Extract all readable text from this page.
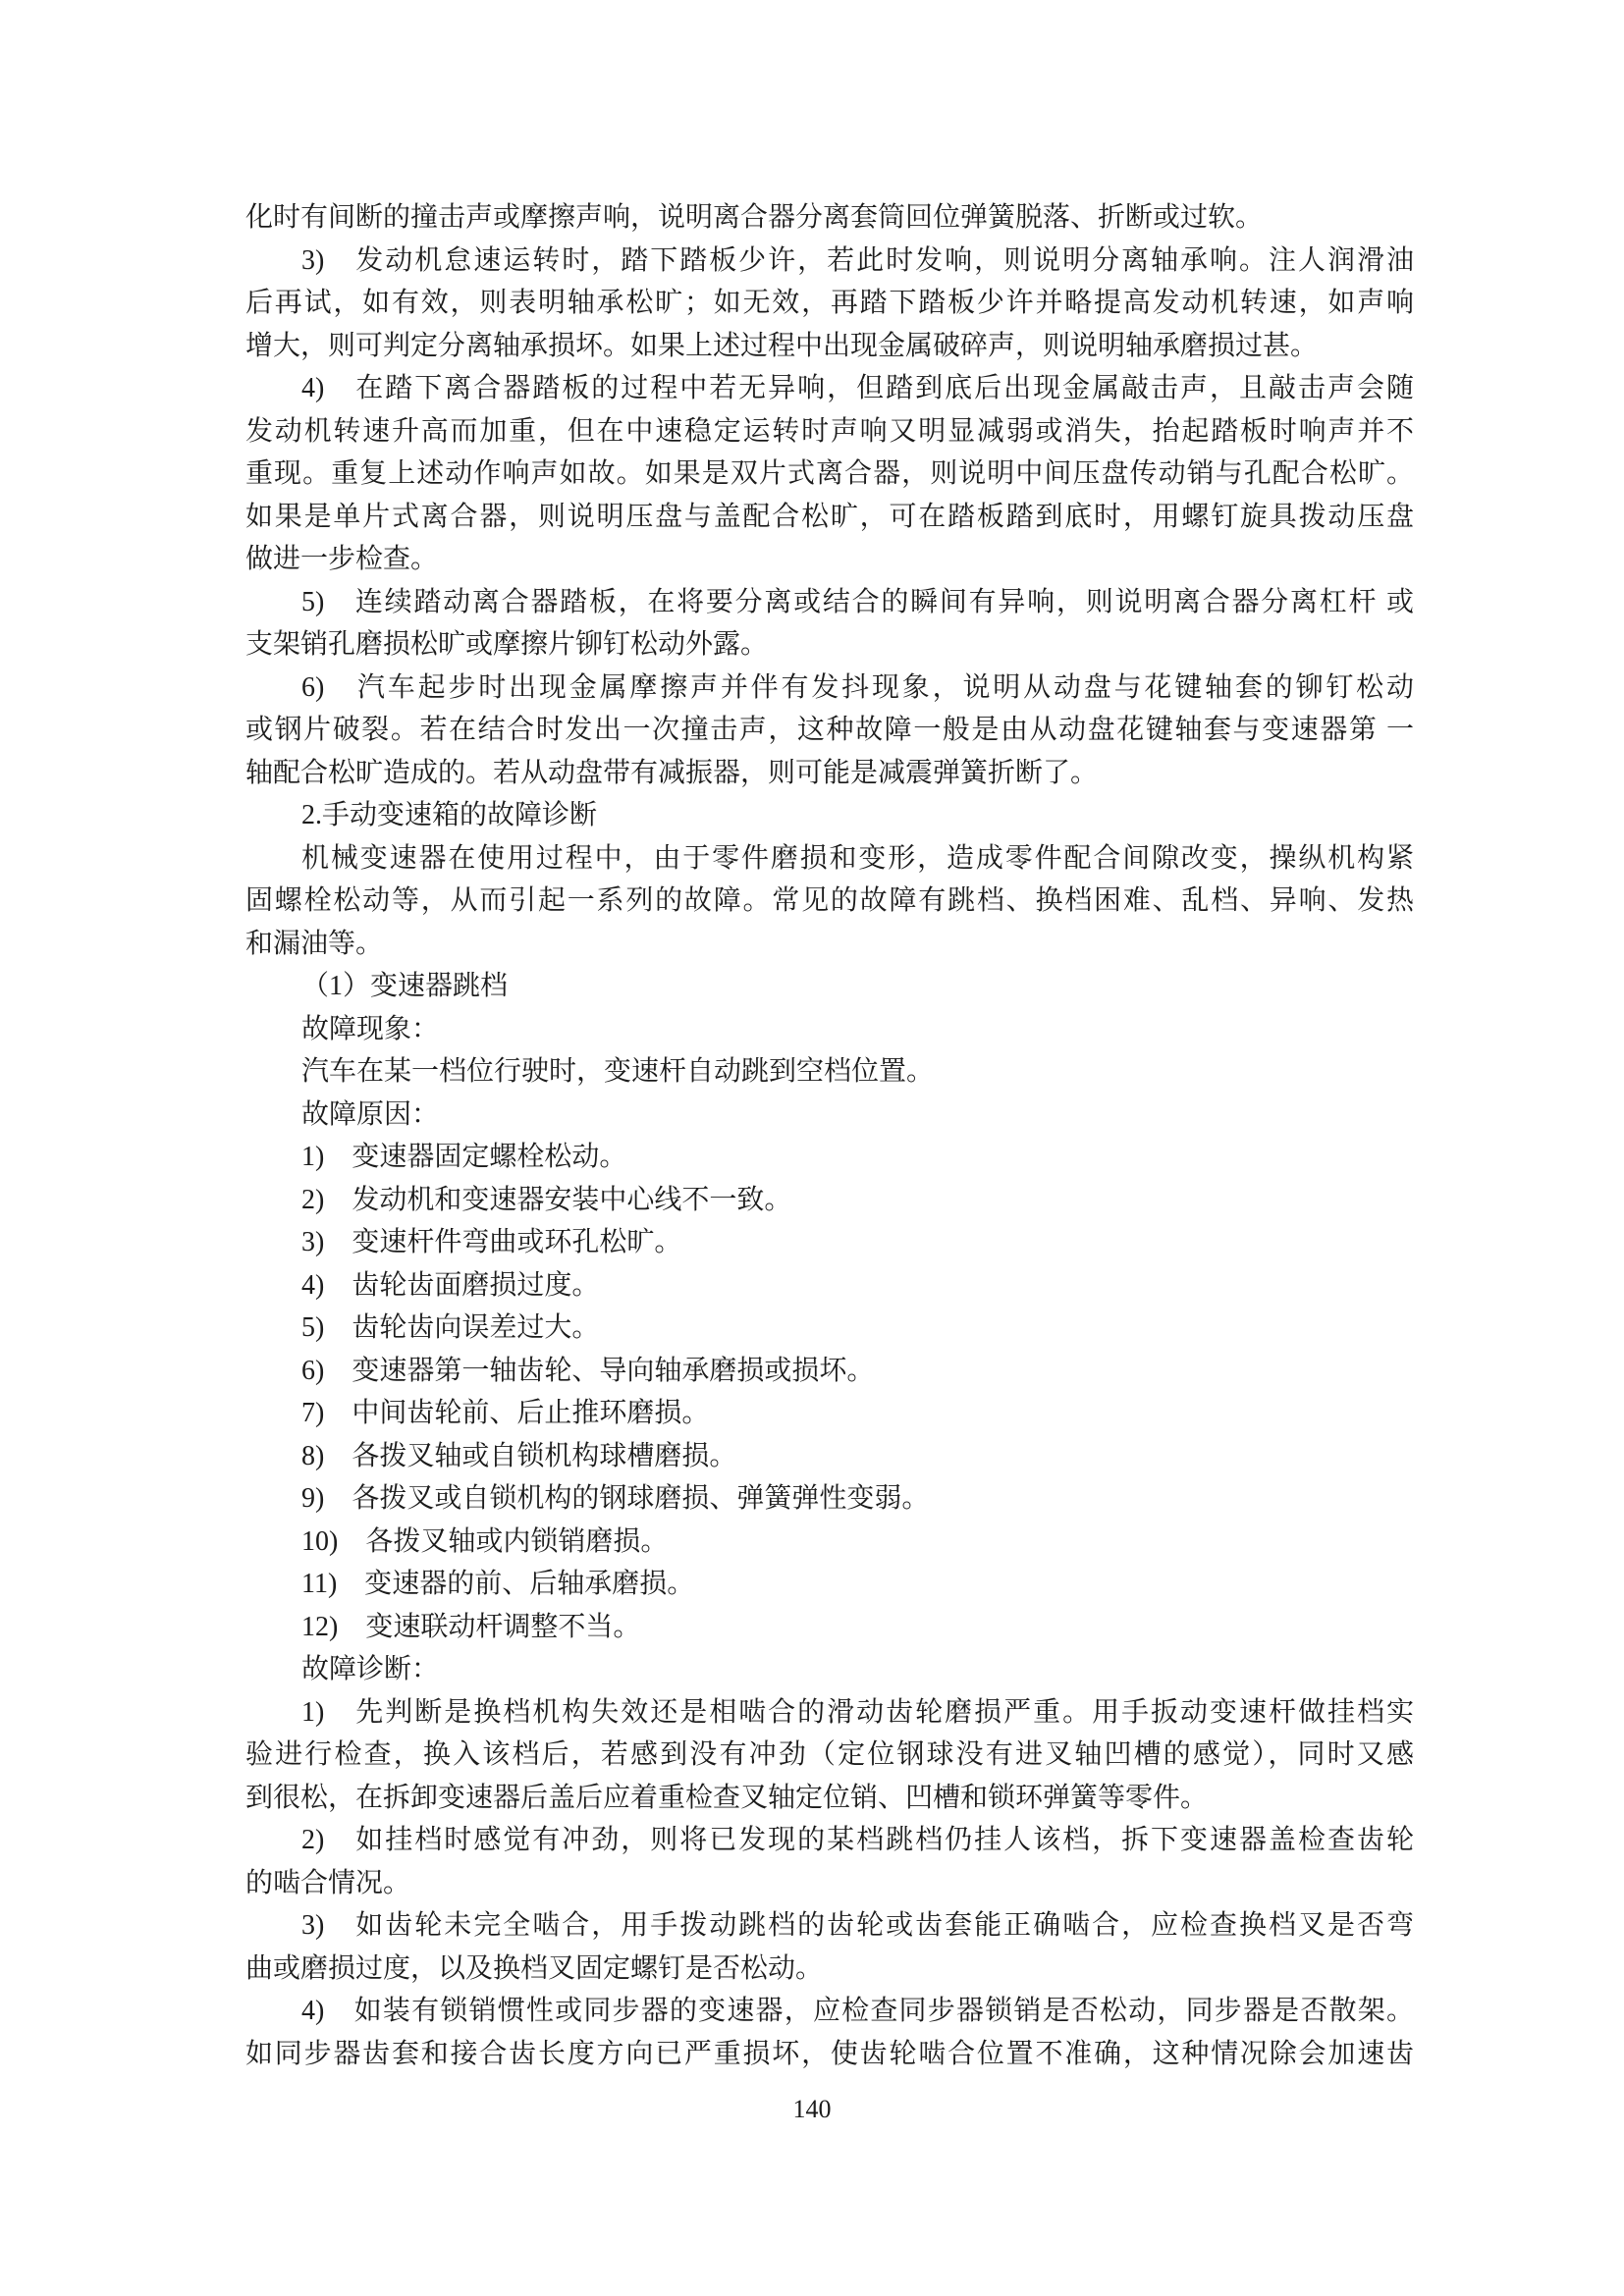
化时有间断的撞击声或摩擦声响，说明离合器分离套筒回位弹簧脱落、折断或过软。
3)　发动机怠速运转时，踏下踏板少许，若此时发响，则说明分离轴承响。注人润滑油
后再试，如有效，则表明轴承松旷；如无效，再踏下踏板少许并略提高发动机转速，如声响
增大，则可判定分离轴承损坏。如果上述过程中出现金属破碎声，则说明轴承磨损过甚。
4)　在踏下离合器踏板的过程中若无异响，但踏到底后出现金属敲击声，且敲击声会随
发动机转速升高而加重，但在中速稳定运转时声响又明显减弱或消失，抬起踏板时响声并不
重现。重复上述动作响声如故。如果是双片式离合器，则说明中间压盘传动销与孔配合松旷。
如果是单片式离合器，则说明压盘与盖配合松旷，可在踏板踏到底时，用螺钉旋具拨动压盘
做进一步检查。
5)　连续踏动离合器踏板，在将要分离或结合的瞬间有异响，则说明离合器分离杠杆 或
支架销孔磨损松旷或摩擦片铆钉松动外露。
6)　汽车起步时出现金属摩擦声并伴有发抖现象，说明从动盘与花键轴套的铆钉松动
或钢片破裂。若在结合时发出一次撞击声，这种故障一般是由从动盘花键轴套与变速器第 一
轴配合松旷造成的。若从动盘带有减振器，则可能是减震弹簧折断了。
2.手动变速箱的故障诊断
机械变速器在使用过程中，由于零件磨损和变形，造成零件配合间隙改变，操纵机构紧
固螺栓松动等，从而引起一系列的故障。常见的故障有跳档、换档困难、乱档、异响、发热
和漏油等。
（1）变速器跳档
故障现象：
汽车在某一档位行驶时，变速杆自动跳到空档位置。
故障原因：
1)　变速器固定螺栓松动。
2)　发动机和变速器安装中心线不一致。
3)　变速杆件弯曲或环孔松旷。
4)　齿轮齿面磨损过度。
5)　齿轮齿向误差过大。
6)　变速器第一轴齿轮、导向轴承磨损或损坏。
7)　中间齿轮前、后止推环磨损。
8)　各拨叉轴或自锁机构球槽磨损。
9)　各拨叉或自锁机构的钢球磨损、弹簧弹性变弱。
10)　各拨叉轴或内锁销磨损。
11)　变速器的前、后轴承磨损。
12)　变速联动杆调整不当。
故障诊断：
1)　先判断是换档机构失效还是相啮合的滑动齿轮磨损严重。用手扳动变速杆做挂档实
验进行检查，换入该档后，若感到没有冲劲（定位钢球没有进叉轴凹槽的感觉），同时又感
到很松，在拆卸变速器后盖后应着重检查叉轴定位销、凹槽和锁环弹簧等零件。
2)　如挂档时感觉有冲劲，则将已发现的某档跳档仍挂人该档，拆下变速器盖检查齿轮
的啮合情况。
3)　如齿轮未完全啮合，用手拨动跳档的齿轮或齿套能正确啮合，应检查换档叉是否弯
曲或磨损过度，以及换档叉固定螺钉是否松动。
4)　如装有锁销惯性或同步器的变速器，应检查同步器锁销是否松动，同步器是否散架。
如同步器齿套和接合齿长度方向已严重损坏，使齿轮啮合位置不准确，这种情况除会加速齿
140
